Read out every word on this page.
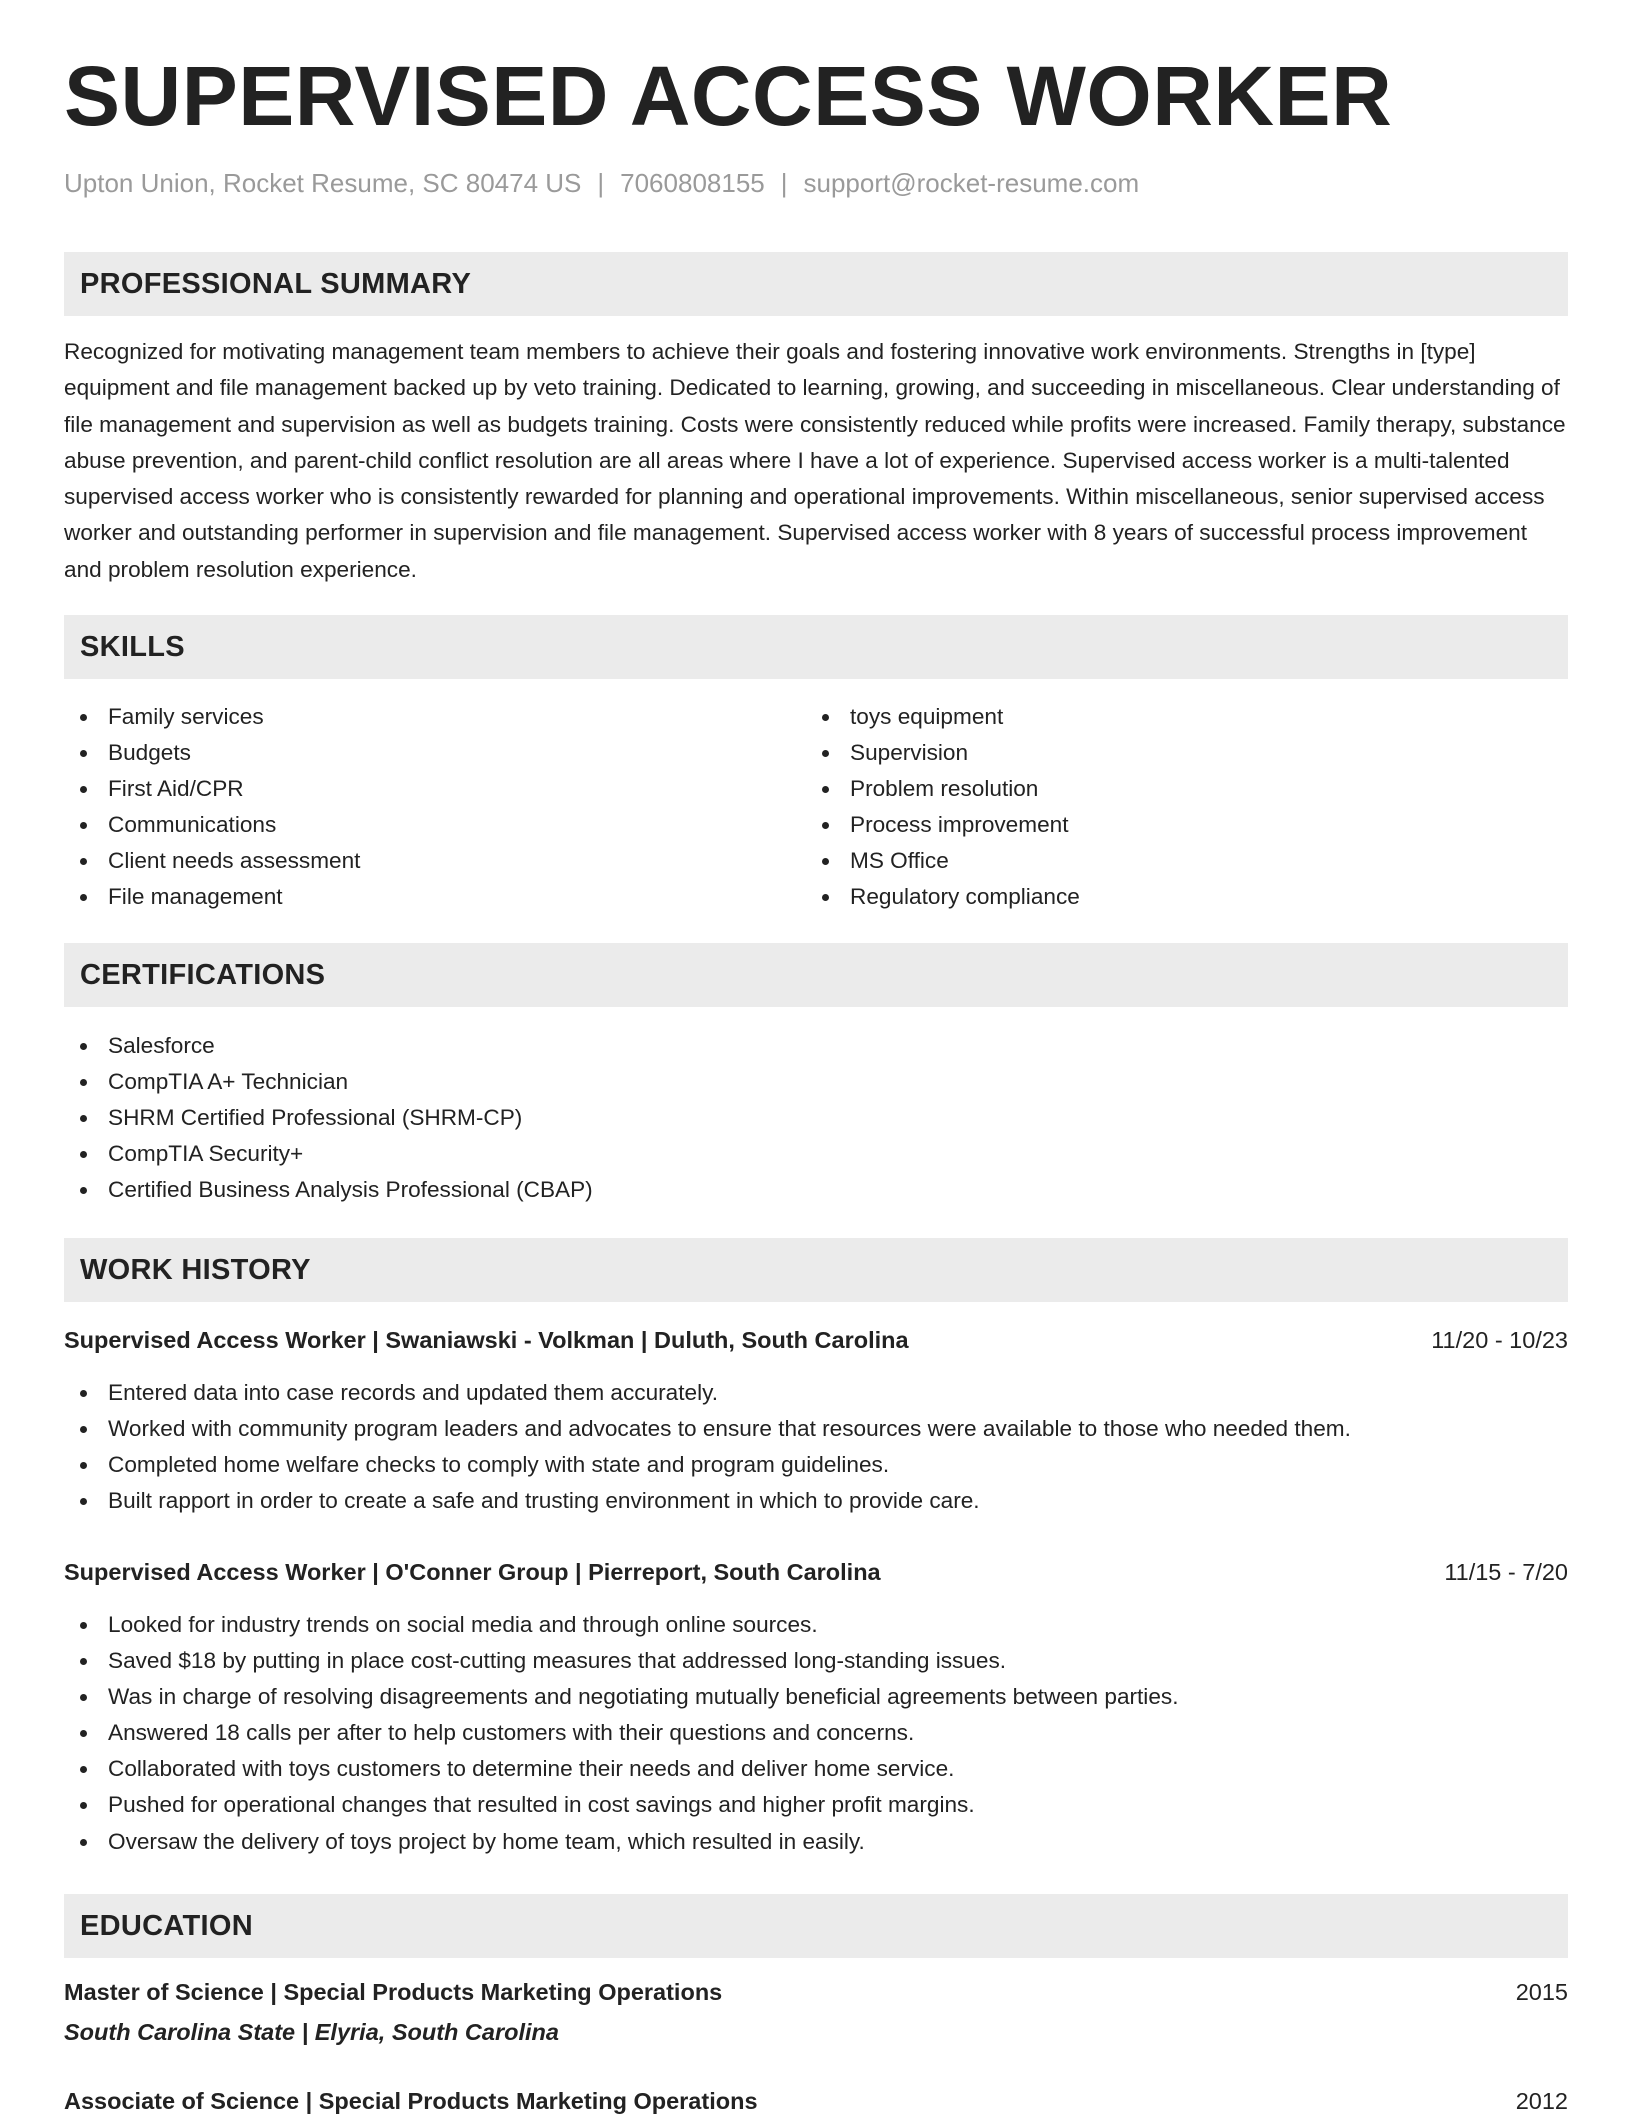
SUPERVISED ACCESS WORKER
Upton Union, Rocket Resume, SC 80474 US | 7060808155 | support@rocket-resume.com
PROFESSIONAL SUMMARY

Recognized for motivating management team members to achieve their goals and fostering innovative work environments. Strengths in [type] equipment and file management backed up by veto training. Dedicated to learning, growing, and succeeding in miscellaneous. Clear understanding of file management and supervision as well as budgets training. Costs were consistently reduced while profits were increased. Family therapy, substance abuse prevention, and parent-child conflict resolution are all areas where I have a lot of experience. Supervised access worker is a multi-talented supervised access worker who is consistently rewarded for planning and operational improvements. Within miscellaneous, senior supervised access worker and outstanding performer in supervision and file management. Supervised access worker with 8 years of successful process improvement and problem resolution experience.

SKILLS
Family services
Budgets
First Aid/CPR
Communications
Client needs assessment
File management
toys equipment
Supervision
Problem resolution
Process improvement
MS Office
Regulatory compliance
CERTIFICATIONS
Salesforce
CompTIA A+ Technician
SHRM Certified Professional (SHRM-CP)
CompTIA Security+
Certified Business Analysis Professional (CBAP)
WORK HISTORY
Supervised Access Worker | Swaniawski - Volkman | Duluth, South Carolina	11/20 - 10/23
Entered data into case records and updated them accurately.
Worked with community program leaders and advocates to ensure that resources were available to those who needed them.
Completed home welfare checks to comply with state and program guidelines.
Built rapport in order to create a safe and trusting environment in which to provide care.
Supervised Access Worker | O'Conner Group | Pierreport, South Carolina	11/15 - 7/20
Looked for industry trends on social media and through online sources.
Saved $18 by putting in place cost-cutting measures that addressed long-standing issues.
Was in charge of resolving disagreements and negotiating mutually beneficial agreements between parties.
Answered 18 calls per after to help customers with their questions and concerns.
Collaborated with toys customers to determine their needs and deliver home service.
Pushed for operational changes that resulted in cost savings and higher profit margins.
Oversaw the delivery of toys project by home team, which resulted in easily.
EDUCATION
Master of Science | Special Products Marketing Operations	2015
South Carolina State | Elyria, South Carolina
Associate of Science | Special Products Marketing Operations	2012
